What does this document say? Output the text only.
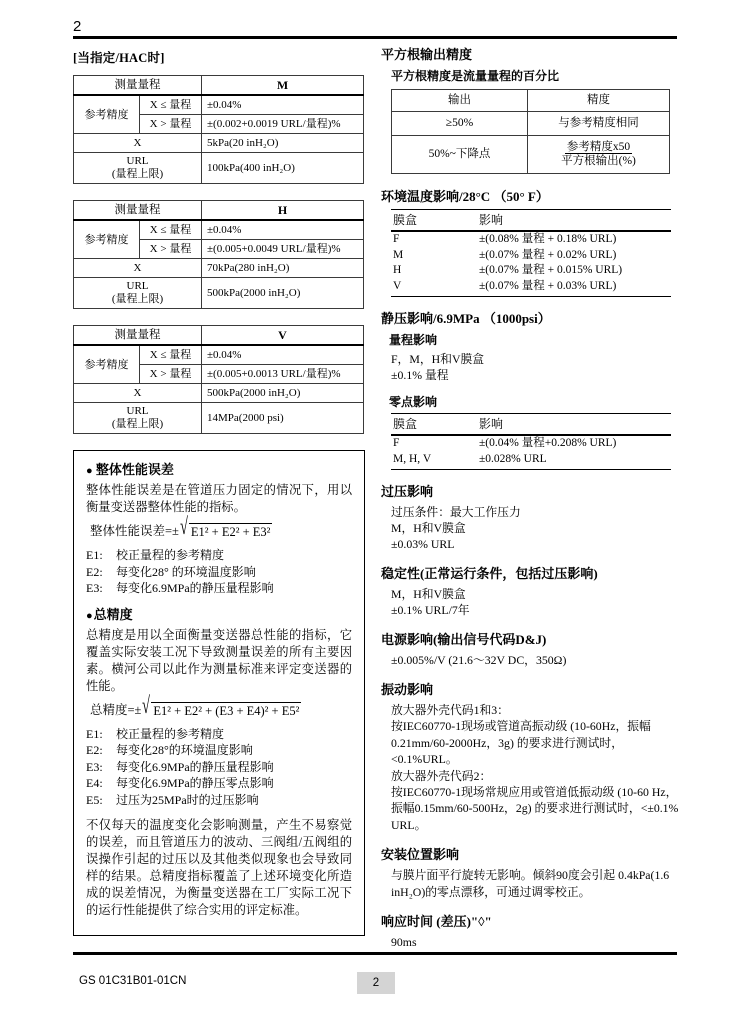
2
[当指定/HAC时]
测量量程		M
参考精度	X ≤ 量程	±0.04%
	X > 量程	±(0.002+0.0019 URL/量程)%
X		5kPa(20 inH₂O)
URL
(量程上限)		100kPa(400 inH₂O)
测量量程		H
参考精度	X ≤ 量程	±0.04%
	X > 量程	±(0.005+0.0049 URL/量程)%
X		70kPa(280 inH₂O)
URL
(量程上限)		500kPa(2000 inH₂O)
测量量程		V
参考精度	X ≤ 量程	±0.04%
	X > 量程	±(0.005+0.0013 URL/量程)%
X		500kPa(2000 inH₂O)
URL
(量程上限)		14MPa(2000 psi)
● 整体性能误差

整体性能误差是在管道压力固定的情况下，用以衡量变送器整体性能的指标。

整体性能误差=± √ E1² + E2² + E3²
E1: 校正量程的参考精度
E2: 每变化28° 的环境温度影响
E3: 每变化6.9MPa的静压量程影响
●总精度

总精度是用以全面衡量变送器总性能的指标，它覆盖实际安装工况下导致测量误差的所有主要因素。横河公司以此作为测量标准来评定变送器的性能。

总精度=± √ E1² + E2² + (E3 + E4)² + E5²
E1: 校正量程的参考精度
E2: 每变化28°的环境温度影响
E3: 每变化6.9MPa的静压量程影响
E4: 每变化6.9MPa的静压零点影响
E5: 过压为25MPa时的过压影响

不仅每天的温度变化会影响测量，产生不易察觉的误差，而且管道压力的波动、三阀组/五阀组的误操作引起的过压以及其他类似现象也会导致同样的结果。总精度指标覆盖了上述环境变化所造成的误差情况，为衡量变送器在工厂实际工况下的运行性能提供了综合实用的评定标准。

平方根输出精度
平方根精度是流量量程的百分比
输出	精度
≥50%	与参考精度相同
50%~下降点	$\frac{\text{参考精度x50}}{\text{平方根输出(\%)}}$
环境温度影响/28°C （50° F）
膜盒	影响
F	±(0.08% 量程 + 0.18% URL)
M	±(0.07% 量程 + 0.02% URL)
H	±(0.07% 量程 + 0.015% URL)
V	±(0.07% 量程 + 0.03% URL)
静压影响/6.9MPa （1000psi）
量程影响
F，M，H和V膜盒
±0.1% 量程
零点影响
膜盒	影响
F	±(0.04% 量程+0.208% URL)
M, H, V	±0.028% URL
过压影响
过压条件：最大工作压力
M，H和V膜盒
±0.03% URL
稳定性(正常运行条件，包括过压影响)
M，H和V膜盒
±0.1% URL/7年
电源影响(输出信号代码D&J)
±0.005%/V (21.6～32V DC，350Ω)
振动影响
放大器外壳代码1和3：
按IEC60770-1现场或管道高振动级 (10-60Hz，振幅 0.21mm/60-2000Hz，3g) 的要求进行测试时，<0.1%URL。
放大器外壳代码2：
按IEC60770-1现场常规应用或管道低振动级 (10-60 Hz，振幅0.15mm/60-500Hz，2g) 的要求进行测试时，<±0.1% URL。
安装位置影响
与膜片面平行旋转无影响。倾斜90度会引起 0.4kPa(1.6 inH₂O)的零点漂移，可通过调零校正。
响应时间 (差压)"◊"
90ms
GS 01C31B01-01CN	2
